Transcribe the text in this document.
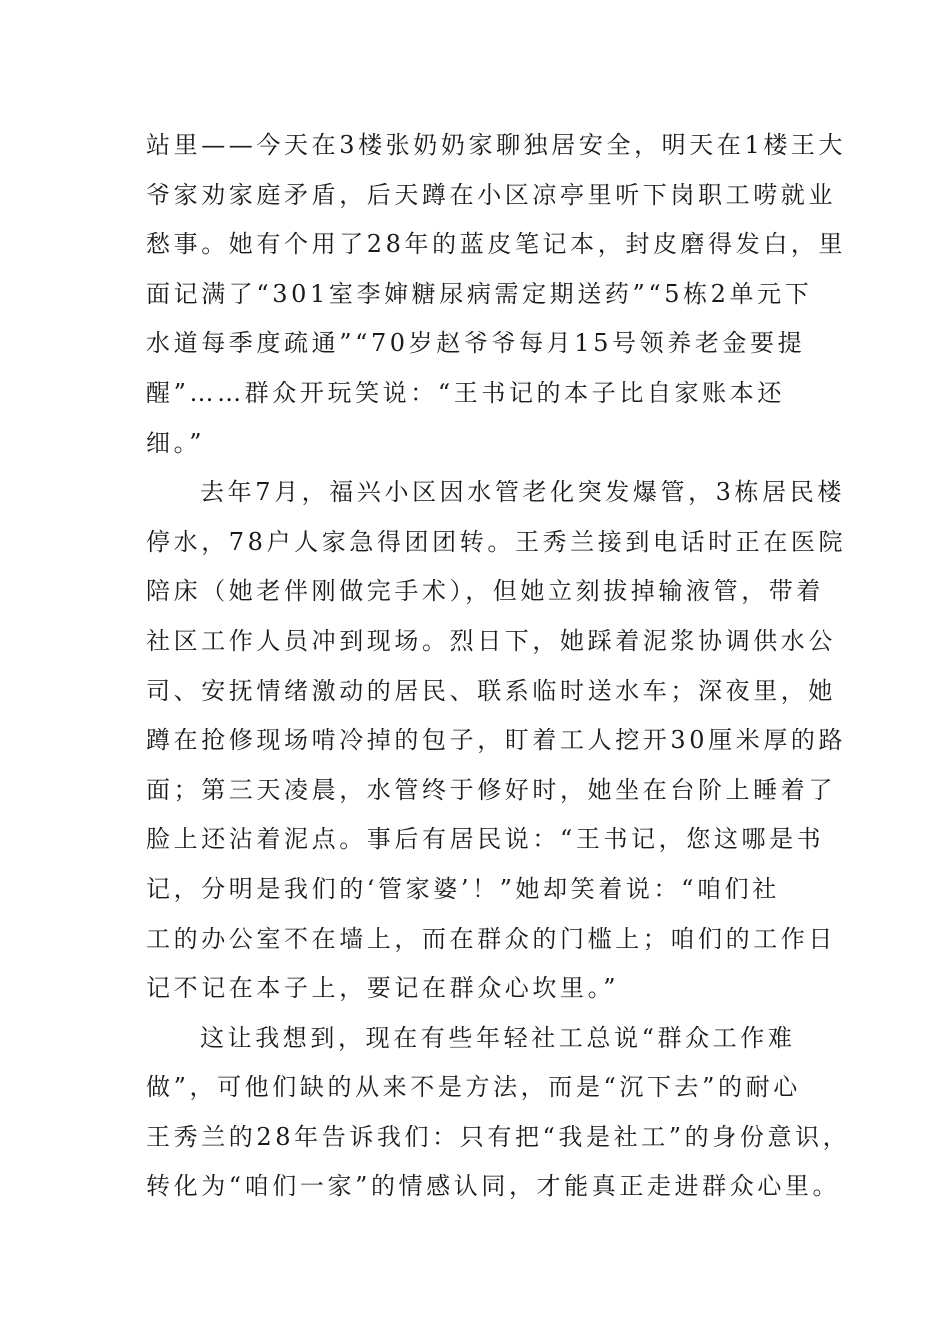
站里——今天在3楼张奶奶家聊独居安全，明天在1楼王大
爷家劝家庭矛盾，后天蹲在小区凉亭里听下岗职工唠就业
愁事。她有个用了28年的蓝皮笔记本，封皮磨得发白，里
面记满了“301室李婶糖尿病需定期送药”“5栋2单元下
水道每季度疏通”“70岁赵爷爷每月15号领养老金要提
醒”……群众开玩笑说：“王书记的本子比自家账本还
细。”
去年7月，福兴小区因水管老化突发爆管，3栋居民楼
停水，78户人家急得团团转。王秀兰接到电话时正在医院
陪床（她老伴刚做完手术），但她立刻拔掉输液管，带着
社区工作人员冲到现场。烈日下，她踩着泥浆协调供水公
司、安抚情绪激动的居民、联系临时送水车；深夜里，她
蹲在抢修现场啃冷掉的包子，盯着工人挖开30厘米厚的路
面；第三天凌晨，水管终于修好时，她坐在台阶上睡着了
脸上还沾着泥点。事后有居民说：“王书记，您这哪是书
记，分明是我们的‘管家婆’！”她却笑着说：“咱们社
工的办公室不在墙上，而在群众的门槛上；咱们的工作日
记不记在本子上，要记在群众心坎里。”
这让我想到，现在有些年轻社工总说“群众工作难
做”，可他们缺的从来不是方法，而是“沉下去”的耐心
王秀兰的28年告诉我们：只有把“我是社工”的身份意识，
转化为“咱们一家”的情感认同，才能真正走进群众心里。
